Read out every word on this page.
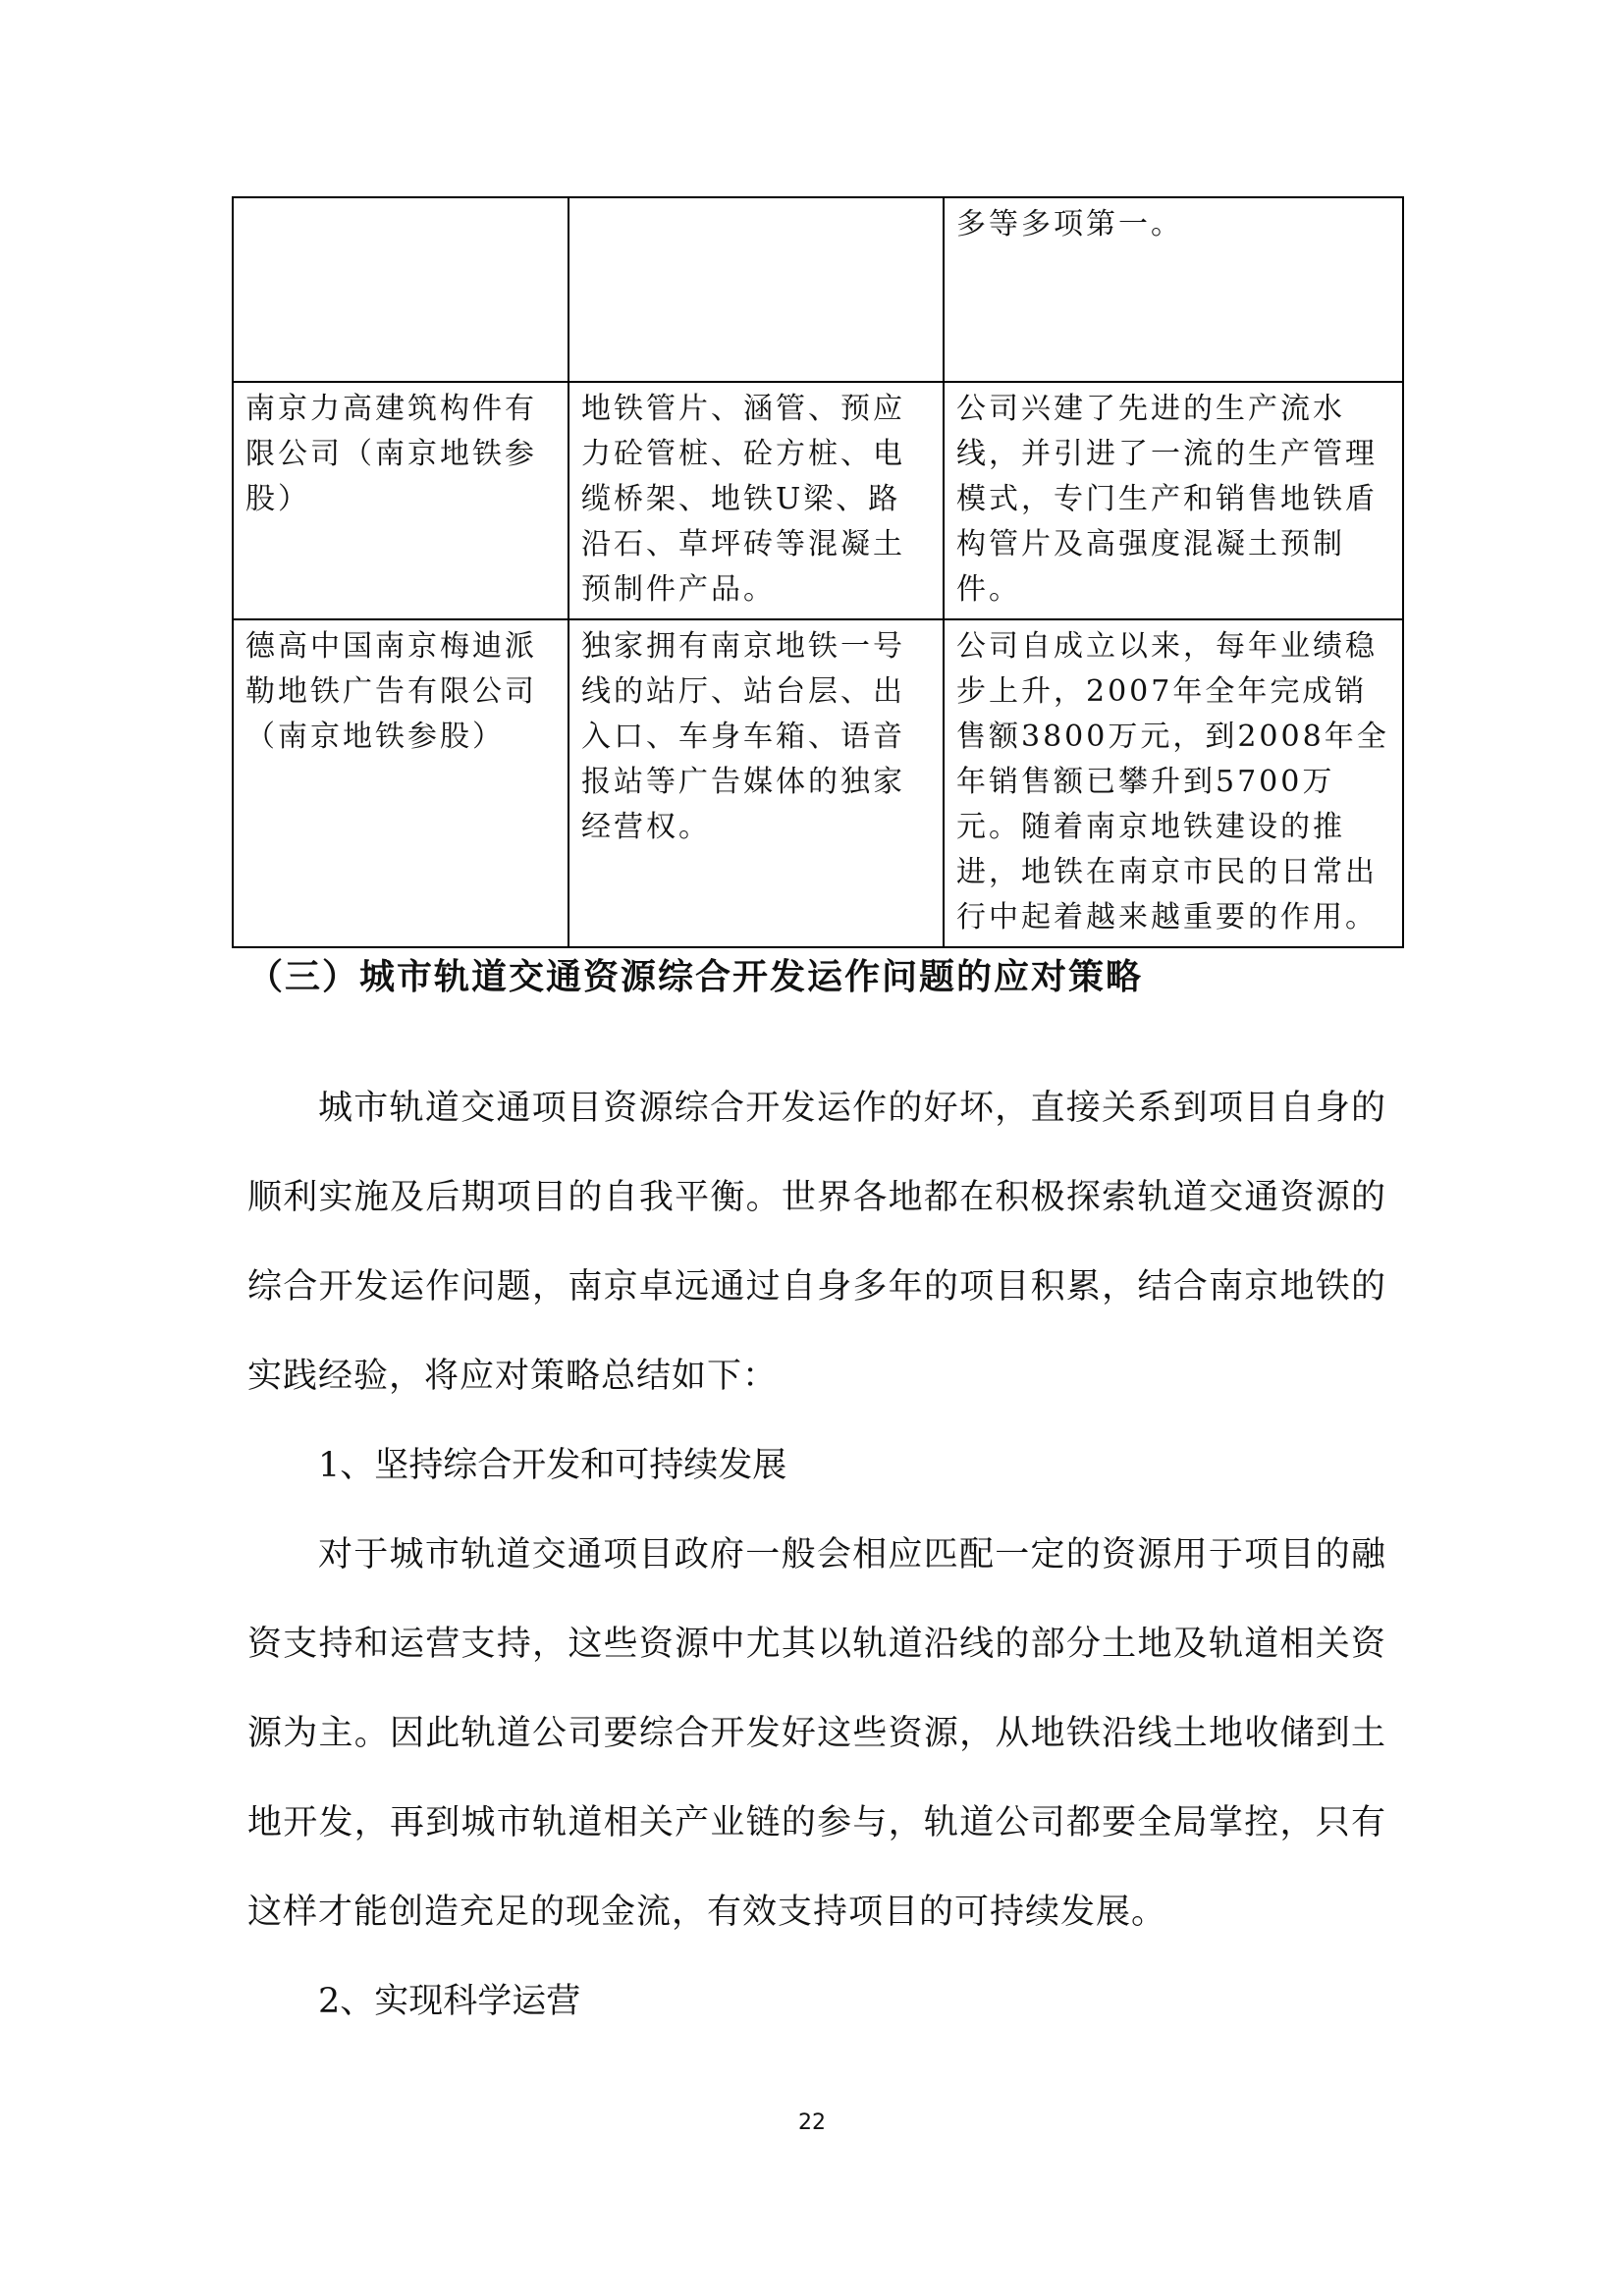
		多等多项第一。
南京力高建筑构件有限公司（南京地铁参股）	地铁管片、涵管、预应力砼管桩、砼方桩、电缆桥架、地铁U梁、路沿石、草坪砖等混凝土预制件产品。	公司兴建了先进的生产流水线，并引进了一流的生产管理模式，专门生产和销售地铁盾构管片及高强度混凝土预制件。
德高中国南京梅迪派勒地铁广告有限公司（南京地铁参股）	独家拥有南京地铁一号线的站厅、站台层、出入口、车身车箱、语音报站等广告媒体的独家经营权。	公司自成立以来，每年业绩稳步上升，2007年全年完成销售额3800万元，到2008年全年销售额已攀升到5700万元。随着南京地铁建设的推进，地铁在南京市民的日常出行中起着越来越重要的作用。
（三）城市轨道交通资源综合开发运作问题的应对策略

城市轨道交通项目资源综合开发运作的好坏，直接关系到项目自身的顺利实施及后期项目的自我平衡。世界各地都在积极探索轨道交通资源的综合开发运作问题，南京卓远通过自身多年的项目积累，结合南京地铁的实践经验，将应对策略总结如下：

1、坚持综合开发和可持续发展

对于城市轨道交通项目政府一般会相应匹配一定的资源用于项目的融资支持和运营支持，这些资源中尤其以轨道沿线的部分土地及轨道相关资源为主。因此轨道公司要综合开发好这些资源，从地铁沿线土地收储到土地开发，再到城市轨道相关产业链的参与，轨道公司都要全局掌控，只有这样才能创造充足的现金流，有效支持项目的可持续发展。

2、实现科学运营

22
